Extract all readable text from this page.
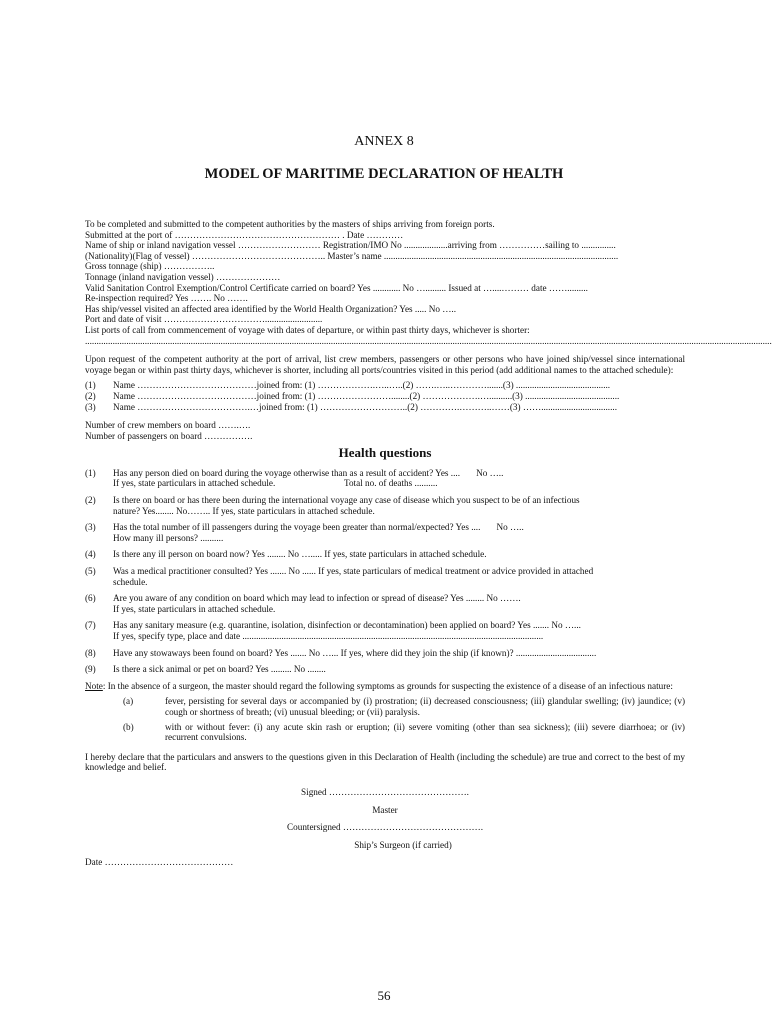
ANNEX 8
MODEL OF MARITIME DECLARATION OF HEALTH

To be completed and submitted to the competent authorities by the masters of ships arriving from foreign ports.

Submitted at the port of ……………………………………………… . Date …………

Name of ship or inland navigation vessel ……………………… Registration/IMO No ...................arriving from ……………sailing to ...............

(Nationality)(Flag of vessel) …………………………………….. Master’s name ......................................................................................................

Gross tonnage (ship) ……………..

Tonnage (inland navigation vessel) …………………

Valid Sanitation Control Exemption/Control Certificate carried on board? Yes ............ No …......... Issued at …....……… date …….........

Re-inspection required? Yes ……. No …….

Has ship/vessel visited an affected area identified by the World Health Organization? Yes ..... No …..

Port and date of visit …………………………….........................

List ports of call from commencement of voyage with dates of departure, or within past thirty days, whichever is shorter:

...........................................................................................................................................................................................................................................................................................................

Upon request of the competent authority at the port of arrival, list crew members, passengers or other persons who have joined ship/vessel since international voyage began or within past thirty days, whichever is shorter, including all ports/countries visited in this period (add additional names to the attached schedule):

(1)	Name …………………………………joined from: (1) ……………….…..…..(2) …….…..………….......(3) .........................................
(2)	Name …………………………………joined from: (1) ……………………........(2) ……………….…..........(3) .........................................
(3)	Name ……………………………….…joined from: (1) ………………………..(2) ………….………..……(3) …….................................

Number of crew members on board …….….

Number of passengers on board …………….

Health questions
(1)	Has any person died on board during the voyage otherwise than as a result of accident? Yes ....       No …..

If yes, state particulars in attached schedule.                              Total no. of deaths ..........

(2)	Is there on board or has there been during the international voyage any case of disease which you suspect to be of an infectious

nature? Yes........ No…….. If yes, state particulars in attached schedule.

(3)	Has the total number of ill passengers during the voyage been greater than normal/expected? Yes ....       No …..

How many ill persons? ..........

(4)	Is there any ill person on board now? Yes ........ No …..... If yes, state particulars in attached schedule.

(5)	Was a medical practitioner consulted? Yes ....... No ...... If yes, state particulars of medical treatment or advice provided in attached

schedule.

(6)	Are you aware of any condition on board which may lead to infection or spread of disease? Yes ........ No …….

If yes, state particulars in attached schedule.

(7)	Has any sanitary measure (e.g. quarantine, isolation, disinfection or decontamination) been applied on board? Yes ....... No …...

If yes, specify type, place and date ...................................................................................................................................

(8)	Have any stowaways been found on board? Yes ....... No …... If yes, where did they join the ship (if known)? ...................................

(9)	Is there a sick animal or pet on board? Yes ......... No ........

Note: In the absence of a surgeon, the master should regard the following symptoms as grounds for suspecting the existence of a disease of an infectious nature:

(a)	fever, persisting for several days or accompanied by (i) prostration; (ii) decreased consciousness; (iii) glandular swelling; (iv) jaundice; (v) cough or shortness of breath; (vi) unusual bleeding; or (vii) paralysis.
(b)	with or without fever: (i) any acute skin rash or eruption; (ii) severe vomiting (other than sea sickness); (iii) severe diarrhoea; or (iv) recurrent convulsions.

I hereby declare that the particulars and answers to the questions given in this Declaration of Health (including the schedule) are true and correct to the best of my knowledge and belief.

Signed ……………………………………….

Master

Countersigned ……………………………………….

Ship’s Surgeon (if carried)

Date ……………………………………

56
